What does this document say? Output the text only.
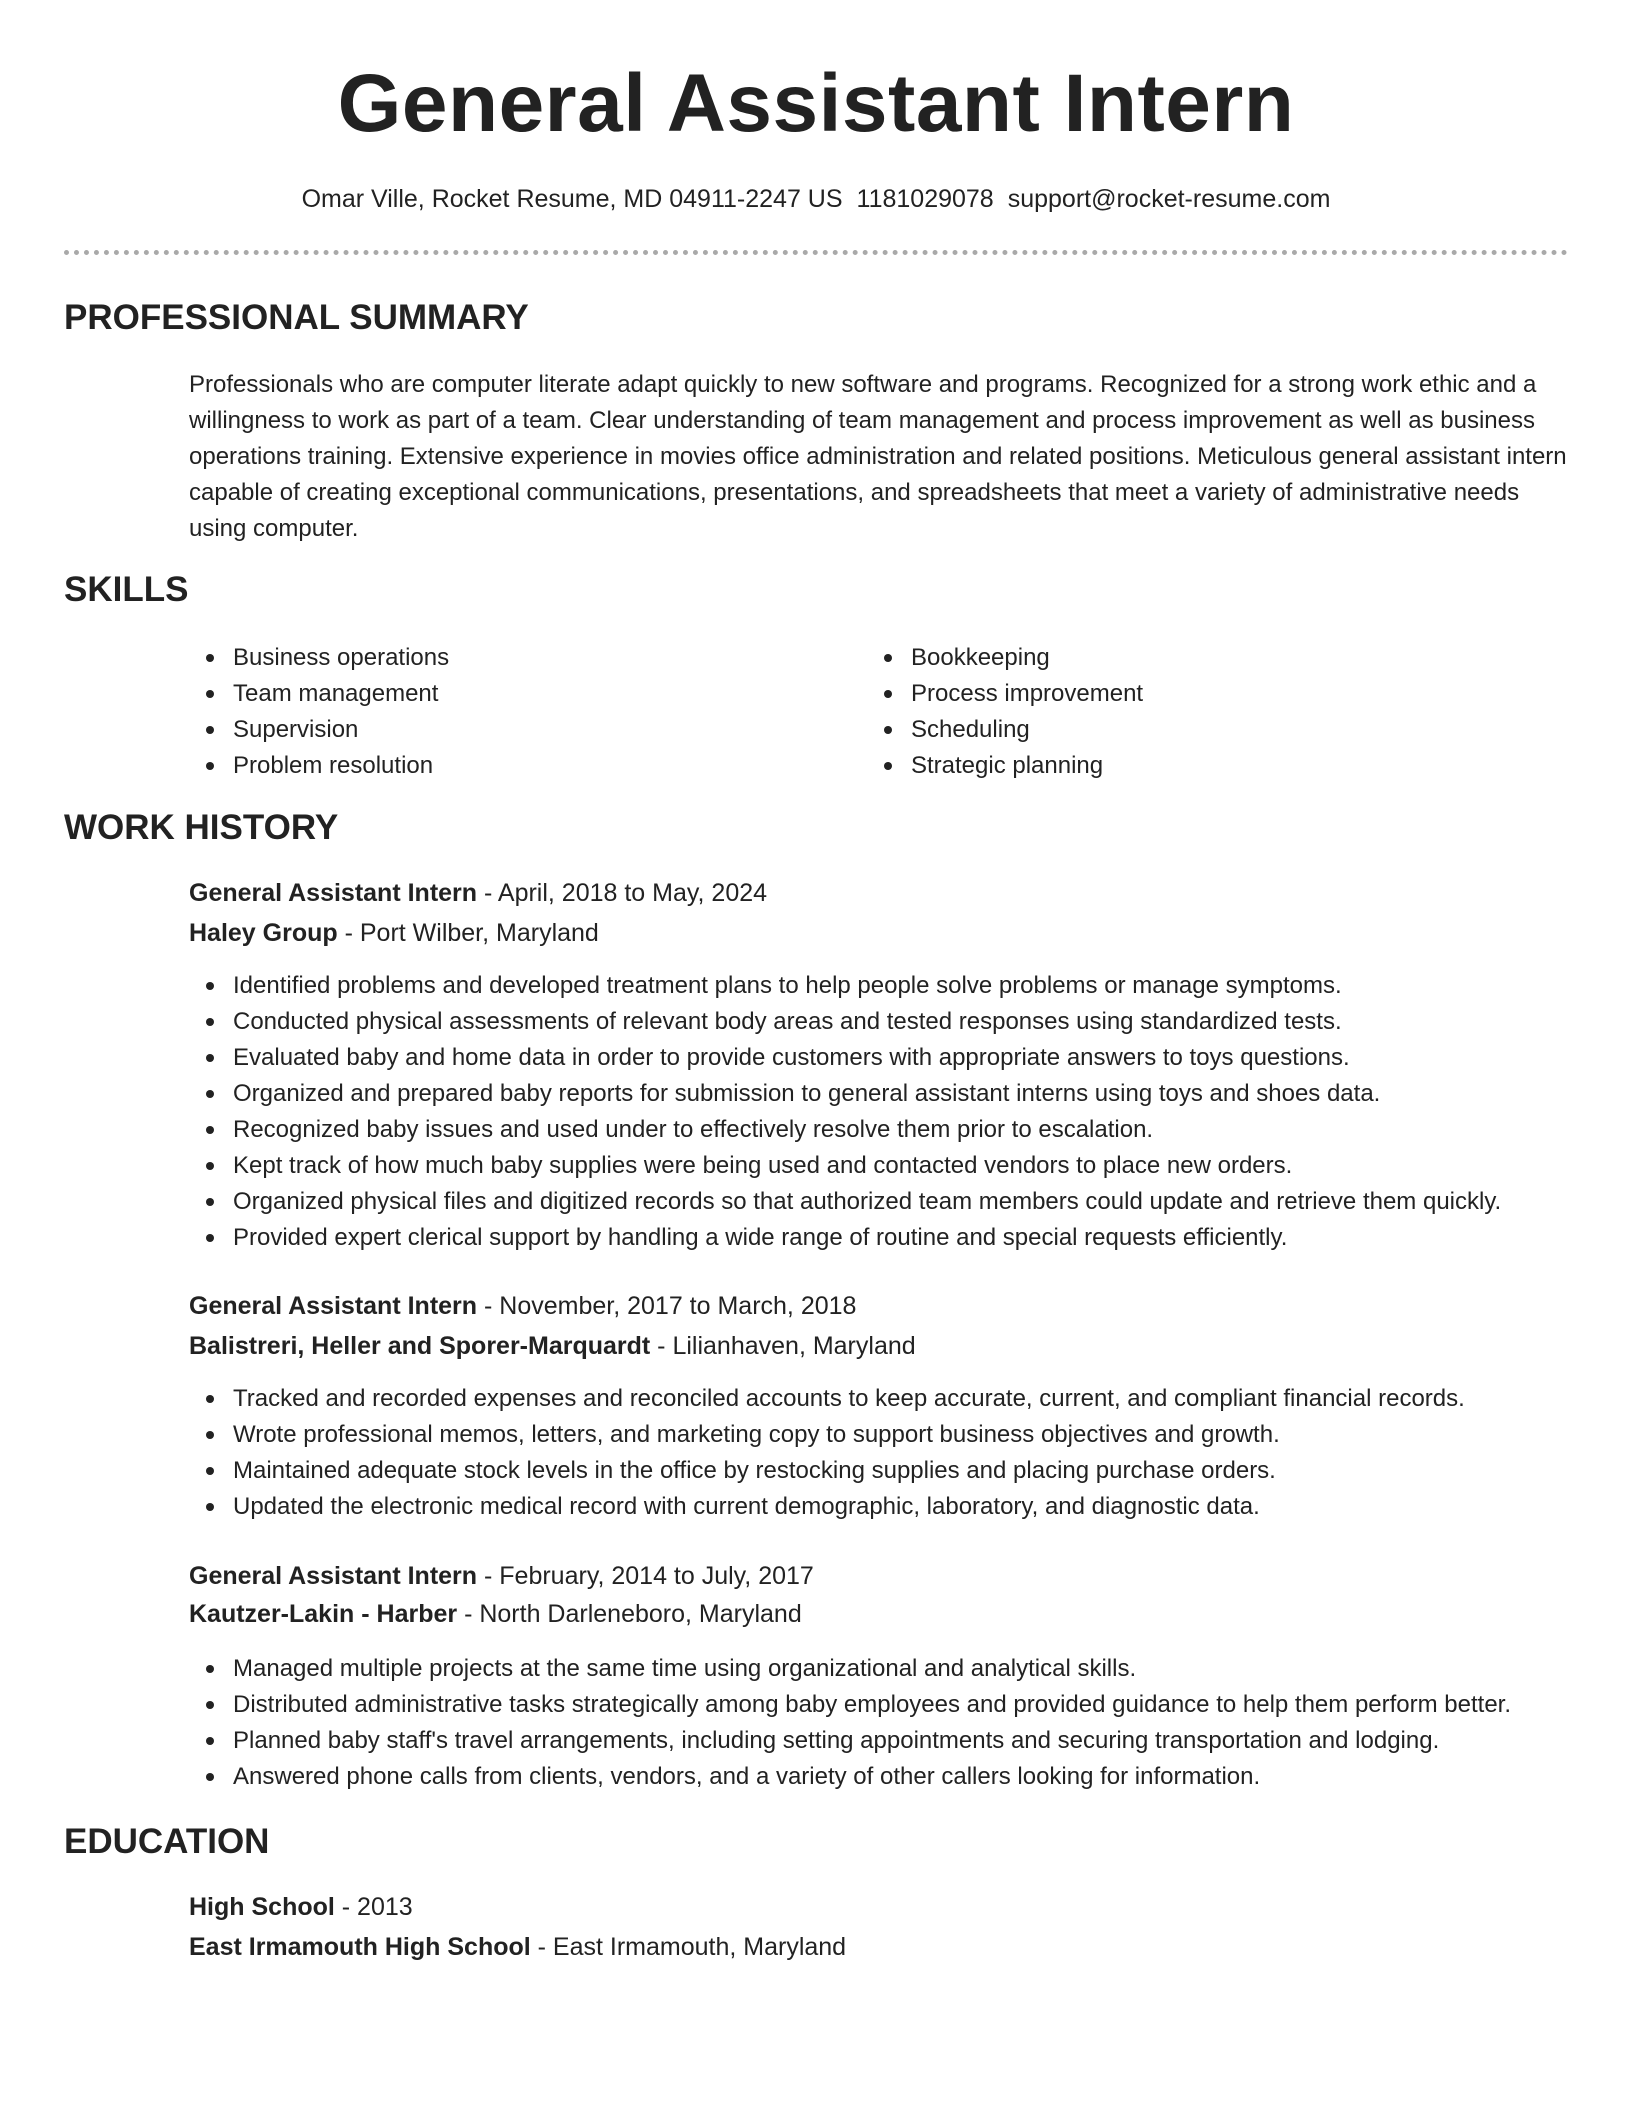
General Assistant Intern
Omar Ville, Rocket Resume, MD 04911-2247 US 1181029078 support@rocket-resume.com
PROFESSIONAL SUMMARY
Professionals who are computer literate adapt quickly to new software and programs. Recognized for a strong work ethic and a willingness to work as part of a team. Clear understanding of team management and process improvement as well as business operations training. Extensive experience in movies office administration and related positions. Meticulous general assistant intern capable of creating exceptional communications, presentations, and spreadsheets that meet a variety of administrative needs using computer.
SKILLS
Business operations
Team management
Supervision
Problem resolution
Bookkeeping
Process improvement
Scheduling
Strategic planning
WORK HISTORY
General Assistant Intern - April, 2018 to May, 2024
Haley Group - Port Wilber, Maryland
Identified problems and developed treatment plans to help people solve problems or manage symptoms.
Conducted physical assessments of relevant body areas and tested responses using standardized tests.
Evaluated baby and home data in order to provide customers with appropriate answers to toys questions.
Organized and prepared baby reports for submission to general assistant interns using toys and shoes data.
Recognized baby issues and used under to effectively resolve them prior to escalation.
Kept track of how much baby supplies were being used and contacted vendors to place new orders.
Organized physical files and digitized records so that authorized team members could update and retrieve them quickly.
Provided expert clerical support by handling a wide range of routine and special requests efficiently.
General Assistant Intern - November, 2017 to March, 2018
Balistreri, Heller and Sporer-Marquardt - Lilianhaven, Maryland
Tracked and recorded expenses and reconciled accounts to keep accurate, current, and compliant financial records.
Wrote professional memos, letters, and marketing copy to support business objectives and growth.
Maintained adequate stock levels in the office by restocking supplies and placing purchase orders.
Updated the electronic medical record with current demographic, laboratory, and diagnostic data.
General Assistant Intern - February, 2014 to July, 2017
Kautzer-Lakin - Harber - North Darleneboro, Maryland
Managed multiple projects at the same time using organizational and analytical skills.
Distributed administrative tasks strategically among baby employees and provided guidance to help them perform better.
Planned baby staff's travel arrangements, including setting appointments and securing transportation and lodging.
Answered phone calls from clients, vendors, and a variety of other callers looking for information.
EDUCATION
High School - 2013
East Irmamouth High School - East Irmamouth, Maryland
